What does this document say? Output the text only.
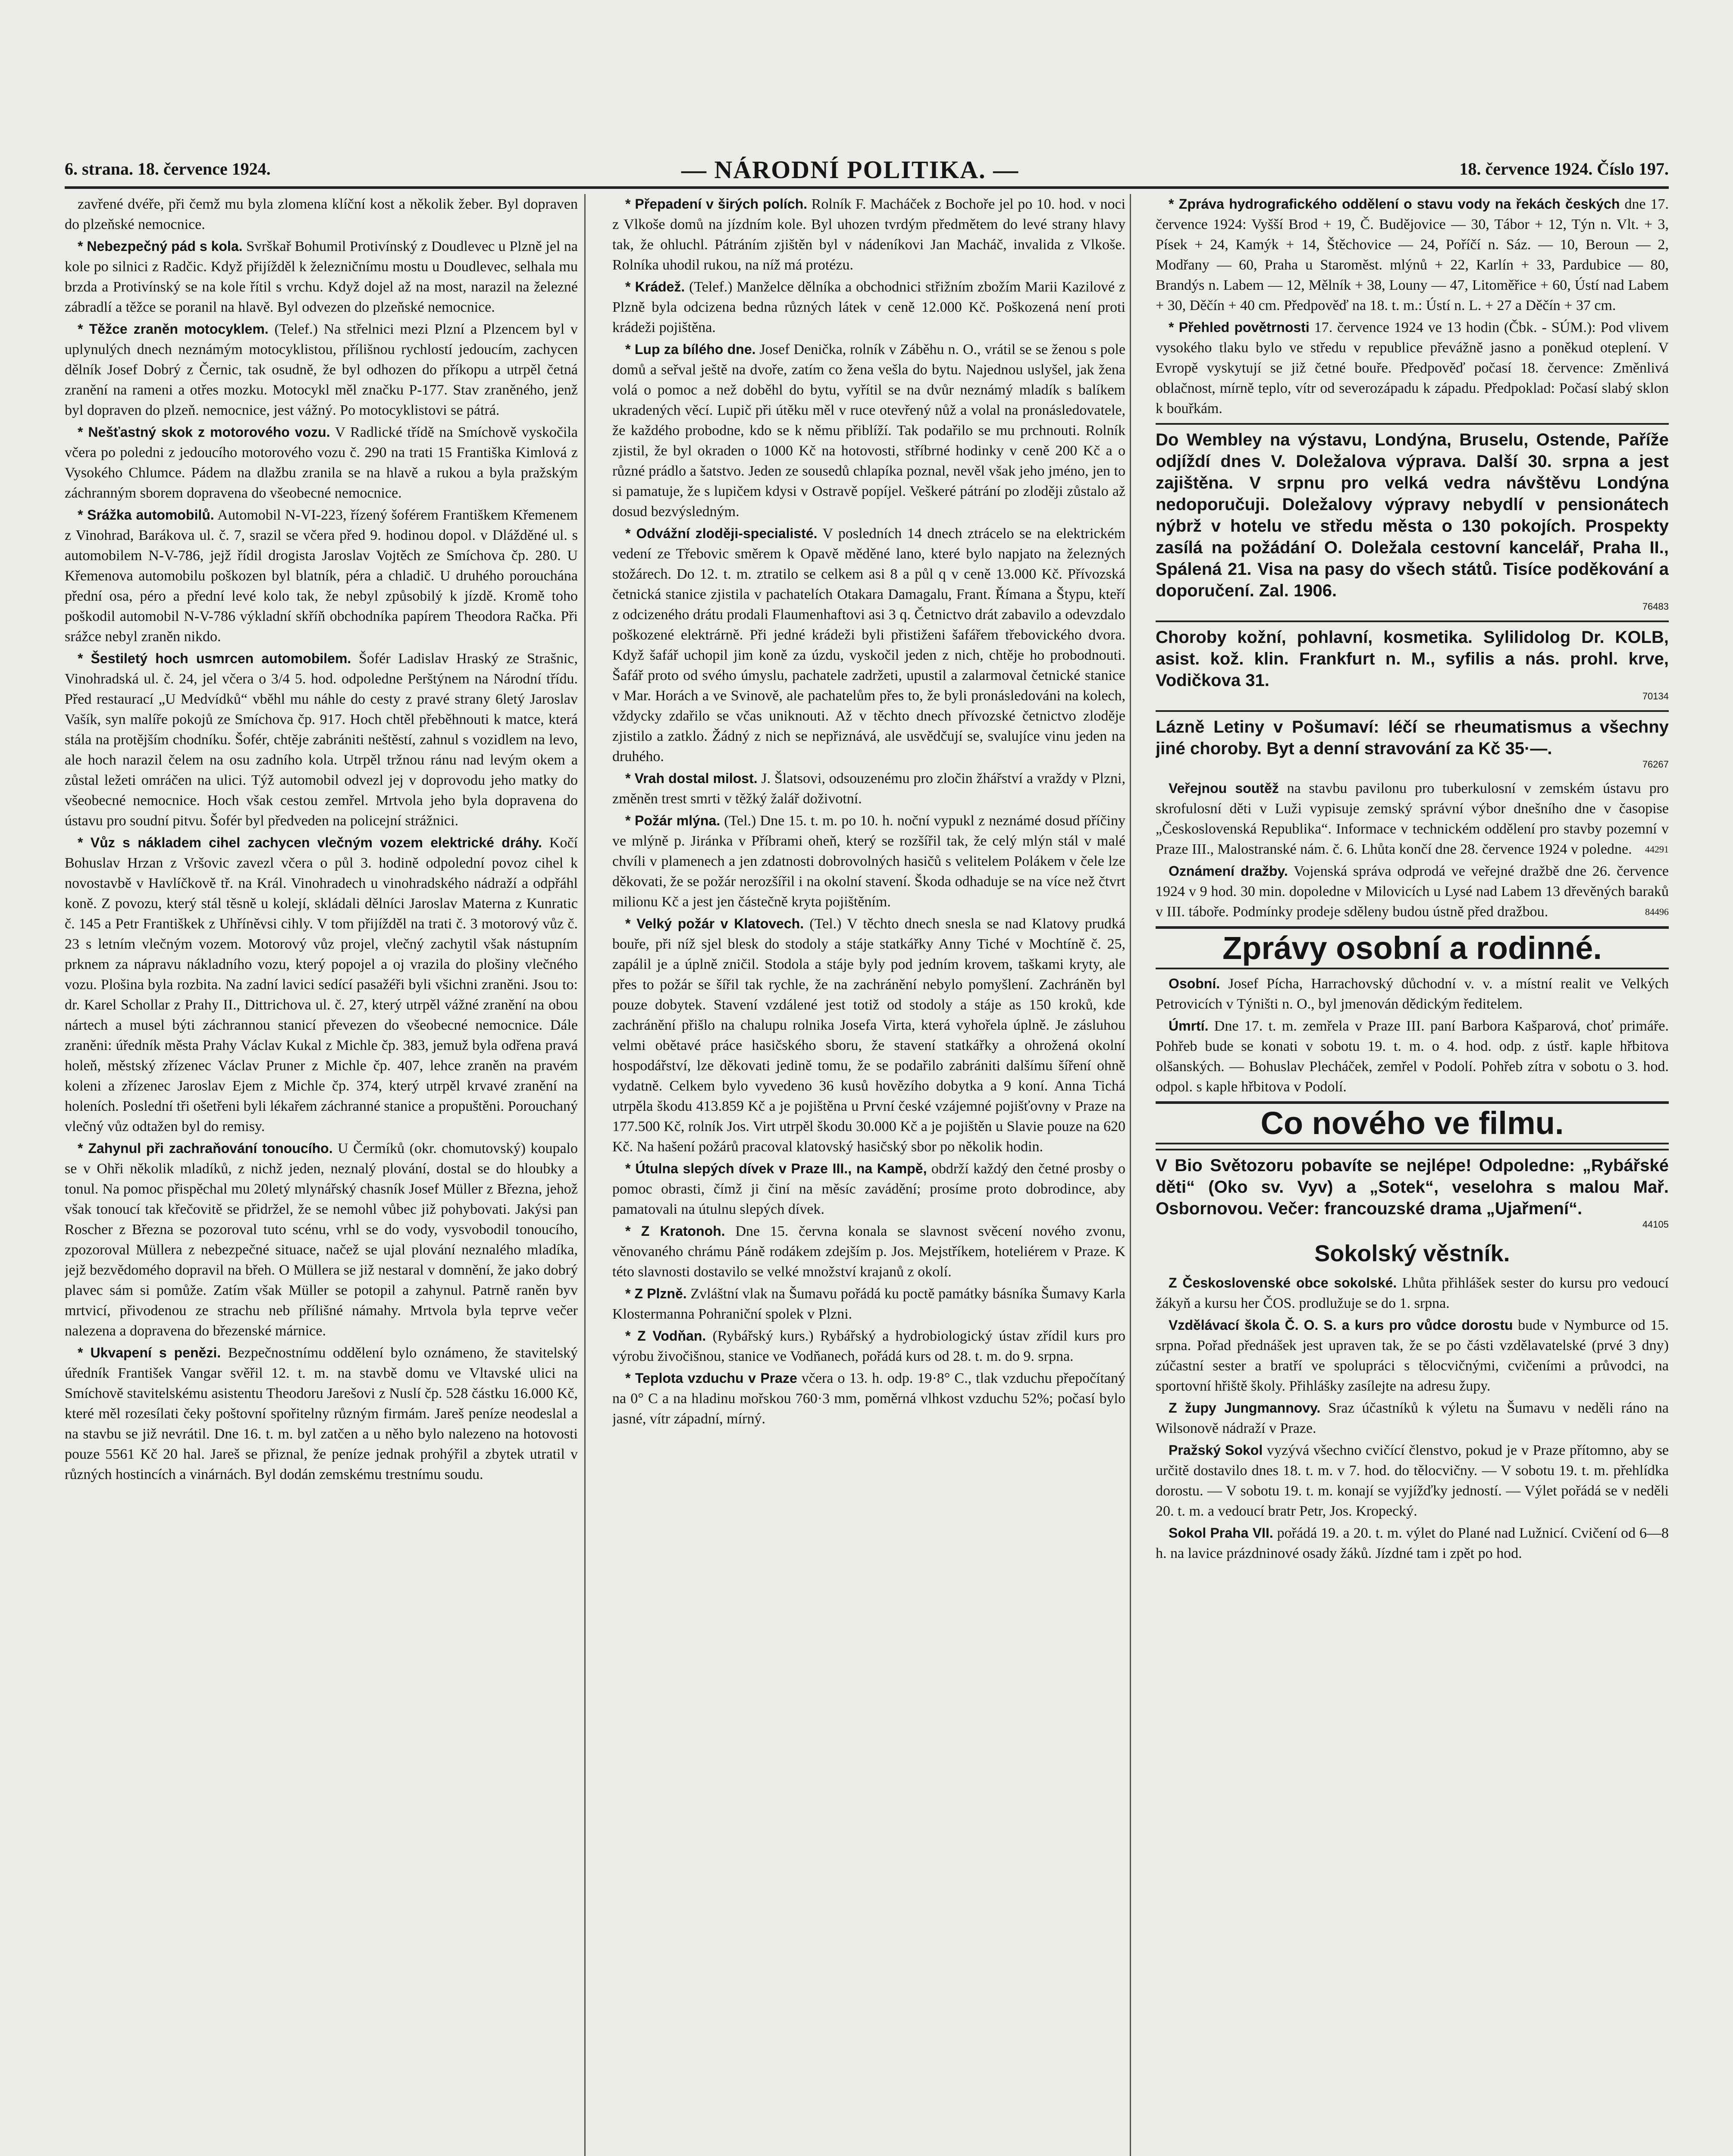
6. strana. 18. července 1924.	— NÁRODNÍ POLITIKA. —	18. července 1924. Číslo 197.

zavřené dvéře, při čemž mu byla zlomena klíční kost a několik žeber. Byl dopraven do plzeňské nemocnice.

* Nebezpečný pád s kola. Svrškař Bohumil Protivínský z Doudlevec u Plzně jel na kole po silnici z Radčic. Když přijížděl k železničnímu mostu u Doudlevec, selhala mu brzda a Protivínský se na kole řítil s vrchu. Když dojel až na most, narazil na železné zábradlí a těžce se poranil na hlavě. Byl odvezen do plzeňské nemocnice.

* Těžce zraněn motocyklem. (Telef.) Na střelnici mezi Plzní a Plzencem byl v uplynulých dnech neznámým motocyklistou, přílišnou rychlostí jedoucím, zachycen dělník Josef Dobrý z Černic, tak osudně, že byl odhozen do příkopu a utrpěl četná zranění na rameni a otřes mozku. Motocykl měl značku P-177. Stav zraněného, jenž byl dopraven do plzeň. nemocnice, jest vážný. Po motocyklistovi se pátrá.

* Nešťastný skok z motorového vozu. V Radlické třídě na Smíchově vyskočila včera po poledni z jedoucího motorového vozu č. 290 na trati 15 Františka Kimlová z Vysokého Chlumce. Pádem na dlažbu zranila se na hlavě a rukou a byla pražským záchranným sborem dopravena do všeobecné nemocnice.

* Srážka automobilů. Automobil N-VI-223, řízený šoférem Františkem Křemenem z Vinohrad, Barákova ul. č. 7, srazil se včera před 9. hodinou dopol. v Dlážděné ul. s automobilem N-V-786, jejž řídil drogista Jaroslav Vojtěch ze Smíchova čp. 280. U Křemenova automobilu poškozen byl blatník, péra a chladič. U druhého porouchána přední osa, péro a přední levé kolo tak, že nebyl způsobilý k jízdě. Kromě toho poškodil automobil N-V-786 výkladní skříň obchodníka papírem Theodora Račka. Při srážce nebyl zraněn nikdo.

* Šestiletý hoch usmrcen automobilem. Šofér Ladislav Hraský ze Strašnic, Vinohradská ul. č. 24, jel včera o 3/4 5. hod. odpoledne Perštýnem na Národní třídu. Před restaurací „U Medvídků“ vběhl mu náhle do cesty z pravé strany 6letý Jaroslav Vašík, syn malíře pokojů ze Smíchova čp. 917. Hoch chtěl přeběhnouti k matce, která stála na protějším chodníku. Šofér, chtěje zabrániti neštěstí, zahnul s vozidlem na levo, ale hoch narazil čelem na osu zadního kola. Utrpěl tržnou ránu nad levým okem a zůstal ležeti omráčen na ulici. Týž automobil odvezl jej v doprovodu jeho matky do všeobecné nemocnice. Hoch však cestou zemřel. Mrtvola jeho byla dopravena do ústavu pro soudní pitvu. Šofér byl předveden na policejní strážnici.

* Vůz s nákladem cihel zachycen vlečným vozem elektrické dráhy. Kočí Bohuslav Hrzan z Vršovic zavezl včera o půl 3. hodině odpolední povoz cihel k novostavbě v Havlíčkově tř. na Král. Vinohradech u vinohradského nádraží a odpřáhl koně. Z povozu, který stál těsně u kolejí, skládali dělníci Jaroslav Materna z Kunratic č. 145 a Petr Františkek z Uhříněvsi cihly. V tom přijížděl na trati č. 3 motorový vůz č. 23 s letním vlečným vozem. Motorový vůz projel, vlečný zachytil však nástupním prknem za nápravu nákladního vozu, který popojel a oj vrazila do plošiny vlečného vozu. Plošina byla rozbita. Na zadní lavici sedící pasažéři byli všichni zraněni. Jsou to: dr. Karel Schollar z Prahy II., Dittrichova ul. č. 27, který utrpěl vážné zranění na obou nártech a musel býti záchrannou stanicí převezen do všeobecné nemocnice. Dále zraněni: úředník města Prahy Václav Kukal z Michle čp. 383, jemuž byla odřena pravá holeň, městský zřízenec Václav Pruner z Michle čp. 407, lehce zraněn na pravém koleni a zřízenec Jaroslav Ejem z Michle čp. 374, který utrpěl krvavé zranění na holeních. Poslední tři ošetřeni byli lékařem záchranné stanice a propuštěni. Porouchaný vlečný vůz odtažen byl do remisy.

* Zahynul při zachraňování tonoucího. U Čermíků (okr. chomutovský) koupalo se v Ohři několik mladíků, z nichž jeden, neznalý plování, dostal se do hloubky a tonul. Na pomoc přispěchal mu 20letý mlynářský chasník Josef Müller z Března, jehož však tonoucí tak křečovitě se přidržel, že se nemohl vůbec již pohybovati. Jakýsi pan Roscher z Března se pozoroval tuto scénu, vrhl se do vody, vysvobodil tonoucího, zpozoroval Müllera z nebezpečné situace, načež se ujal plování neznalého mladíka, jejž bezvědomého dopravil na břeh. O Müllera se již nestaral v domnění, že jako dobrý plavec sám si pomůže. Zatím však Müller se potopil a zahynul. Patrně raněn byv mrtvicí, přivodenou ze strachu neb přílišné námahy. Mrtvola byla teprve večer nalezena a dopravena do březenské márnice.

* Ukvapení s penězi. Bezpečnostnímu oddělení bylo oznámeno, že stavitelský úředník František Vangar svěřil 12. t. m. na stavbě domu ve Vltavské ulici na Smíchově stavitelskému asistentu Theodoru Jarešovi z Nuslí čp. 528 částku 16.000 Kč, které měl rozesílati čeky poštovní spořitelny různým firmám. Jareš peníze neodeslal a na stavbu se již nevrátil. Dne 16. t. m. byl zatčen a u něho bylo nalezeno na hotovosti pouze 5561 Kč 20 hal. Jareš se přiznal, že peníze jednak prohýřil a zbytek utratil v různých hostincích a vinárnách. Byl dodán zemskému trestnímu soudu.

* Přepadení v širých polích. Rolník F. Macháček z Bochoře jel po 10. hod. v noci z Vlkoše domů na jízdním kole. Byl uhozen tvrdým předmětem do levé strany hlavy tak, že ohluchl. Pátráním zjištěn byl v nádeníkovi Jan Macháč, invalida z Vlkoše. Rolníka uhodil rukou, na níž má protézu.

* Krádež. (Telef.) Manželce dělníka a obchodnici střižním zbožím Marii Kazilové z Plzně byla odcizena bedna různých látek v ceně 12.000 Kč. Poškozená není proti krádeži pojištěna.

* Lup za bílého dne. Josef Denička, rolník v Záběhu n. O., vrátil se se ženou s pole domů a seřval ještě na dvoře, zatím co žena vešla do bytu. Najednou uslyšel, jak žena volá o pomoc a než doběhl do bytu, vyřítil se na dvůr neznámý mladík s balíkem ukradených věcí. Lupič při útěku měl v ruce otevřený nůž a volal na pronásledovatele, že každého probodne, kdo se k němu přiblíží. Tak podařilo se mu prchnouti. Rolník zjistil, že byl okraden o 1000 Kč na hotovosti, stříbrné hodinky v ceně 200 Kč a o různé prádlo a šatstvo. Jeden ze sousedů chlapíka poznal, nevěl však jeho jméno, jen to si pamatuje, že s lupičem kdysi v Ostravě popíjel. Veškeré pátrání po zloději zůstalo až dosud bezvýsledným.

* Odvážní zloději-specialisté. V posledních 14 dnech ztrácelo se na elektrickém vedení ze Třebovic směrem k Opavě měděné lano, které bylo napjato na železných stožárech. Do 12. t. m. ztratilo se celkem asi 8 a půl q v ceně 13.000 Kč. Přívozská četnická stanice zjistila v pachatelích Otakara Damagalu, Frant. Římana a Štypu, kteří z odcizeného drátu prodali Flaumenhaftovi asi 3 q. Četnictvo drát zabavilo a odevzdalo poškozené elektrárně. Při jedné krádeži byli přistiženi šafářem třebovického dvora. Když šafář uchopil jim koně za úzdu, vyskočil jeden z nich, chtěje ho probodnouti. Šafář proto od svého úmyslu, pachatele zadržeti, upustil a zalarmoval četnické stanice v Mar. Horách a ve Svinově, ale pachatelům přes to, že byli pronásledováni na kolech, vždycky zdařilo se včas uniknouti. Až v těchto dnech přívozské četnictvo zloděje zjistilo a zatklo. Žádný z nich se nepřiznává, ale usvědčují se, svalujíce vinu jeden na druhého.

* Vrah dostal milost. J. Šlatsovi, odsouzenému pro zločin žhářství a vraždy v Plzni, změněn trest smrti v těžký žalář doživotní.

* Požár mlýna. (Tel.) Dne 15. t. m. po 10. h. noční vypukl z neznámé dosud příčiny ve mlýně p. Jiránka v Příbrami oheň, který se rozšířil tak, že celý mlýn stál v malé chvíli v plamenech a jen zdatnosti dobrovolných hasičů s velitelem Polákem v čele lze děkovati, že se požár nerozšířil i na okolní stavení. Škoda odhaduje se na více než čtvrt milionu Kč a jest jen částečně kryta pojištěním.

* Velký požár v Klatovech. (Tel.) V těchto dnech snesla se nad Klatovy prudká bouře, při níž sjel blesk do stodoly a stáje statkářky Anny Tiché v Mochtíně č. 25, zapálil je a úplně zničil. Stodola a stáje byly pod jedním krovem, taškami kryty, ale přes to požár se šířil tak rychle, že na zachránění nebylo pomyšlení. Zachráněn byl pouze dobytek. Stavení vzdálené jest totiž od stodoly a stáje as 150 kroků, kde zachránění přišlo na chalupu rolnika Josefa Virta, která vyhořela úplně. Je zásluhou velmi obětavé práce hasičského sboru, že stavení statkářky a ohrožená okolní hospodářství, lze děkovati jedině tomu, že se podařilo zabrániti dalšímu šíření ohně vydatně. Celkem bylo vyvedeno 36 kusů hovězího dobytka a 9 koní. Anna Tichá utrpěla škodu 413.859 Kč a je pojištěna u První české vzájemné pojišťovny v Praze na 177.500 Kč, rolník Jos. Virt utrpěl škodu 30.000 Kč a je pojištěn u Slavie pouze na 620 Kč. Na hašení požárů pracoval klatovský hasičský sbor po několik hodin.

* Útulna slepých dívek v Praze III., na Kampě, obdrží každý den četné prosby o pomoc obrasti, čímž ji činí na měsíc zavádění; prosíme proto dobrodince, aby pamatovali na útulnu slepých dívek.

* Z Kratonoh. Dne 15. června konala se slavnost svěcení nového zvonu, věnovaného chrámu Páně rodákem zdejším p. Jos. Mejstříkem, hoteliérem v Praze. K této slavnosti dostavilo se velké množství krajanů z okolí.

* Z Plzně. Zvláštní vlak na Šumavu pořádá ku poctě památky básníka Šumavy Karla Klostermanna Pohraniční spolek v Plzni.

* Z Vodňan. (Rybářský kurs.) Rybářský a hydrobiologický ústav zřídil kurs pro výrobu živočišnou, stanice ve Vodňanech, pořádá kurs od 28. t. m. do 9. srpna.

* Teplota vzduchu v Praze včera o 13. h. odp. 19·8° C., tlak vzduchu přepočítaný na 0° C a na hladinu mořskou 760·3 mm, poměrná vlhkost vzduchu 52%; počasí bylo jasné, vítr západní, mírný.

* Zpráva hydrografického oddělení o stavu vody na řekách českých dne 17. července 1924: Vyšší Brod + 19, Č. Budějovice — 30, Tábor + 12, Týn n. Vlt. + 3, Písek + 24, Kamýk + 14, Štěchovice — 24, Poříčí n. Sáz. — 10, Beroun — 2, Modřany — 60, Praha u Staroměst. mlýnů + 22, Karlín + 33, Pardubice — 80, Brandýs n. Labem — 12, Mělník + 38, Louny — 47, Litoměřice + 60, Ústí nad Labem + 30, Děčín + 40 cm. Předpověď na 18. t. m.: Ústí n. L. + 27 a Děčín + 37 cm.

* Přehled povětrnosti 17. července 1924 ve 13 hodin (Čbk. - SÚM.): Pod vlivem vysokého tlaku bylo ve středu v republice převážně jasno a poněkud oteplení. V Evropě vyskytují se již četné bouře. Předpověď počasí 18. července: Změnlivá oblačnost, mírně teplo, vítr od severozápadu k západu. Předpoklad: Počasí slabý sklon k bouřkám.

Do Wembley na výstavu, Londýna, Bruselu, Ostende, Paříže odjíždí dnes V. Doležalova výprava. Další 30. srpna a jest zajištěna. V srpnu pro velká vedra návštěvu Londýna nedoporučuji. Doležalovy výpravy nebydlí v pensionátech nýbrž v hotelu ve středu města o 130 pokojích. Prospekty zasílá na požádání O. Doležala cestovní kancelář, Praha II., Spálená 21. Visa na pasy do všech států. Tisíce poděkování a doporučení. Zal. 1906.
76483
Choroby kožní, pohlavní, kosmetika. Sylilidolog Dr. KOLB, asist. kož. klin. Frankfurt n. M., syfilis a nás. prohl. krve, Vodičkova 31.
70134
Lázně Letiny v Pošumaví: léčí se rheumatismus a všechny jiné choroby. Byt a denní stravování za Kč 35·—.
76267

Veřejnou soutěž na stavbu pavilonu pro tuberkulosní v zemském ústavu pro skrofulosní děti v Luži vypisuje zemský správní výbor dnešního dne v časopise „Československá Republika“. Informace v technickém oddělení pro stavby pozemní v Praze III., Malostranské nám. č. 6. Lhůta končí dne 28. července 1924 v poledne.	44291

Oznámení dražby. Vojenská správa odprodá ve veřejné dražbě dne 26. července 1924 v 9 hod. 30 min. dopoledne v Milovicích u Lysé nad Labem 13 dřevěných baraků v III. táboře. Podmínky prodeje sděleny budou ústně před dražbou.	84496

Zprávy osobní a rodinné.

Osobní. Josef Pícha, Harrachovský důchodní v. v. a místní realit ve Velkých Petrovicích v Týništi n. O., byl jmenován dědickým ředitelem.

Úmrtí. Dne 17. t. m. zemřela v Praze III. paní Barbora Kašparová, choť primáře. Pohřeb bude se konati v sobotu 19. t. m. o 4. hod. odp. z ústř. kaple hřbitova olšanských. — Bohuslav Plecháček, zemřel v Podolí. Pohřeb zítra v sobotu o 3. hod. odpol. s kaple hřbitova v Podolí.

Co nového ve filmu.
V Bio Světozoru pobavíte se nejlépe! Odpoledne: „Rybářské děti“ (Oko sv. Vyv) a „Sotek“, veselohra s malou Mař. Osbornovou. Večer: francouzské drama „Ujařmení“.
44105
Sokolský věstník.

Z Československé obce sokolské. Lhůta přihlášek sester do kursu pro vedoucí žákyň a kursu her ČOS. prodlužuje se do 1. srpna.

Vzdělávací škola Č. O. S. a kurs pro vůdce dorostu bude v Nymburce od 15. srpna. Pořad přednášek jest upraven tak, že se po části vzdělavatelské (prvé 3 dny) zúčastní sester a bratří ve spolupráci s tělocvičnými, cvičeními a průvodci, na sportovní hřiště školy. Přihlášky zasílejte na adresu župy.

Z župy Jungmannovy. Sraz účastníků k výletu na Šumavu v neděli ráno na Wilsonově nádraží v Praze.

Pražský Sokol vyzývá všechno cvičící členstvo, pokud je v Praze přítomno, aby se určitě dostavilo dnes 18. t. m. v 7. hod. do tělocvičny. — V sobotu 19. t. m. přehlídka dorostu. — V sobotu 19. t. m. konají se vyjížďky jedností. — Výlet pořádá se v neděli 20. t. m. a vedoucí bratr Petr, Jos. Kropecký.

Sokol Praha VII. pořádá 19. a 20. t. m. výlet do Plané nad Lužnicí. Cvičení od 6—8 h. na lavice prázdninové osady žáků. Jízdné tam i zpět po hod.
